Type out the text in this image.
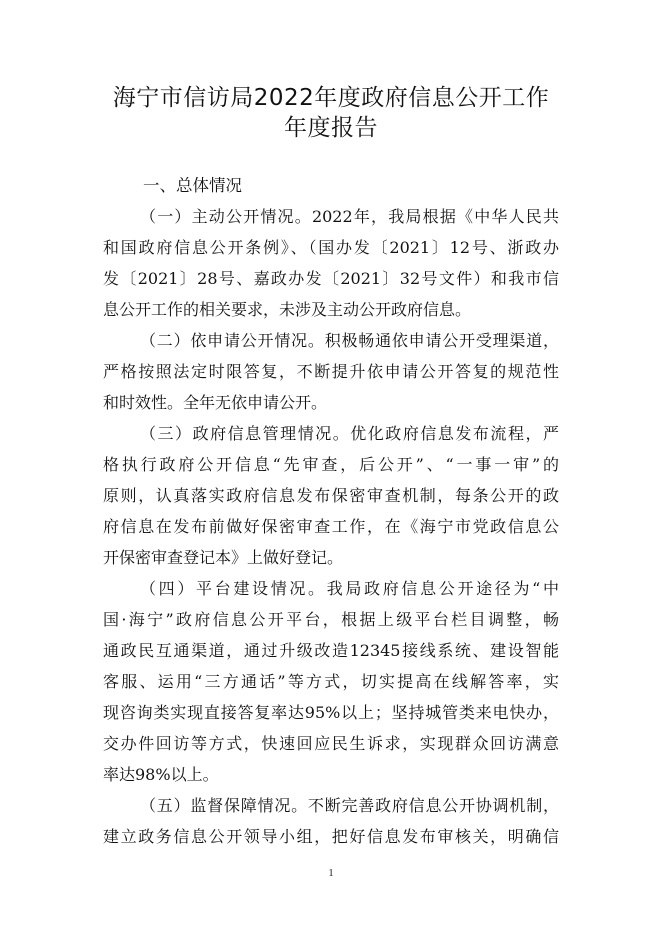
海宁市信访局2022年度政府信息公开工作
年度报告
一、总体情况
（一）主动公开情况。2022年，我局根据《中华人民共
和国政府信息公开条例》、（国办发〔2021〕12号、浙政办
发〔2021〕28号、嘉政办发〔2021〕32号文件）和我市信
息公开工作的相关要求，未涉及主动公开政府信息。
（二）依申请公开情况。积极畅通依申请公开受理渠道，
严格按照法定时限答复，不断提升依申请公开答复的规范性
和时效性。全年无依申请公开。
（三）政府信息管理情况。优化政府信息发布流程，严
格执行政府公开信息“先审查，后公开”、“一事一审”的
原则，认真落实政府信息发布保密审查机制，每条公开的政
府信息在发布前做好保密审查工作，在《海宁市党政信息公
开保密审查登记本》上做好登记。
（四）平台建设情况。我局政府信息公开途径为“中
国·海宁”政府信息公开平台，根据上级平台栏目调整，畅
通政民互通渠道，通过升级改造12345接线系统、建设智能
客服、运用“三方通话”等方式，切实提高在线解答率，实
现咨询类实现直接答复率达95%以上；坚持城管类来电快办，
交办件回访等方式，快速回应民生诉求，实现群众回访满意
率达98%以上。
（五）监督保障情况。不断完善政府信息公开协调机制，
建立政务信息公开领导小组，把好信息发布审核关，明确信
1
